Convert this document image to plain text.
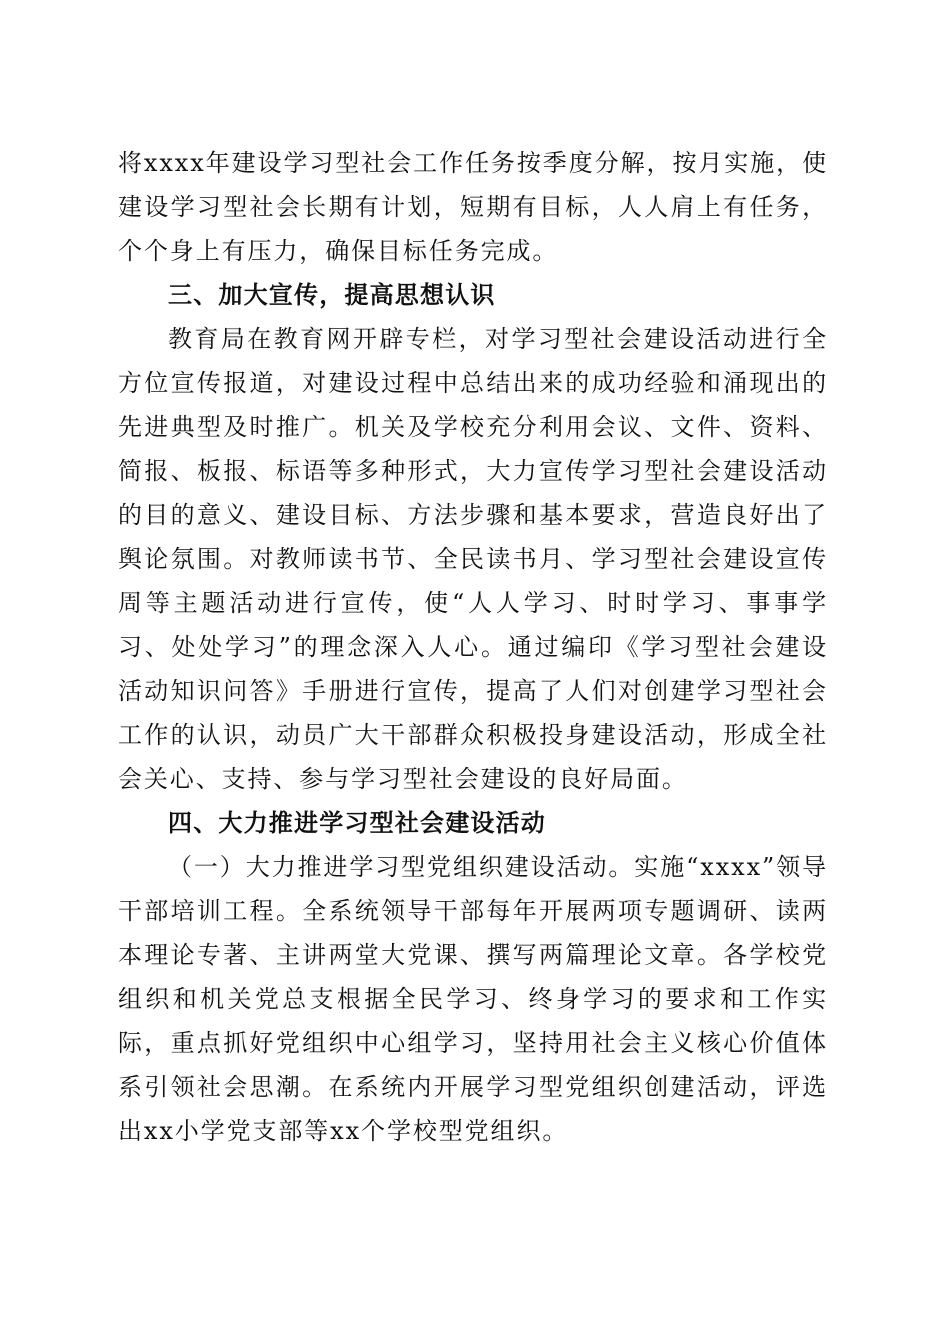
将xxxx年建设学习型社会工作任务按季度分解，按月实施，使建设学习型社会长期有计划，短期有目标，人人肩上有任务，个个身上有压力，确保目标任务完成。

三、加大宣传，提高思想认识

教育局在教育网开辟专栏，对学习型社会建设活动进行全方位宣传报道，对建设过程中总结出来的成功经验和涌现出的先进典型及时推广。机关及学校充分利用会议、文件、资料、简报、板报、标语等多种形式，大力宣传学习型社会建设活动的目的意义、建设目标、方法步骤和基本要求，营造良好出了舆论氛围。对教师读书节、全民读书月、学习型社会建设宣传周等主题活动进行宣传，使“人人学习、时时学习、事事学习、处处学习”的理念深入人心。通过编印《学习型社会建设活动知识问答》手册进行宣传，提高了人们对创建学习型社会工作的认识，动员广大干部群众积极投身建设活动，形成全社会关心、支持、参与学习型社会建设的良好局面。

四、大力推进学习型社会建设活动

（一）大力推进学习型党组织建设活动。实施“xxxx”领导干部培训工程。全系统领导干部每年开展两项专题调研、读两本理论专著、主讲两堂大党课、撰写两篇理论文章。各学校党组织和机关党总支根据全民学习、终身学习的要求和工作实际，重点抓好党组织中心组学习，坚持用社会主义核心价值体系引领社会思潮。在系统内开展学习型党组织创建活动，评选出xx小学党支部等xx个学校型党组织。
